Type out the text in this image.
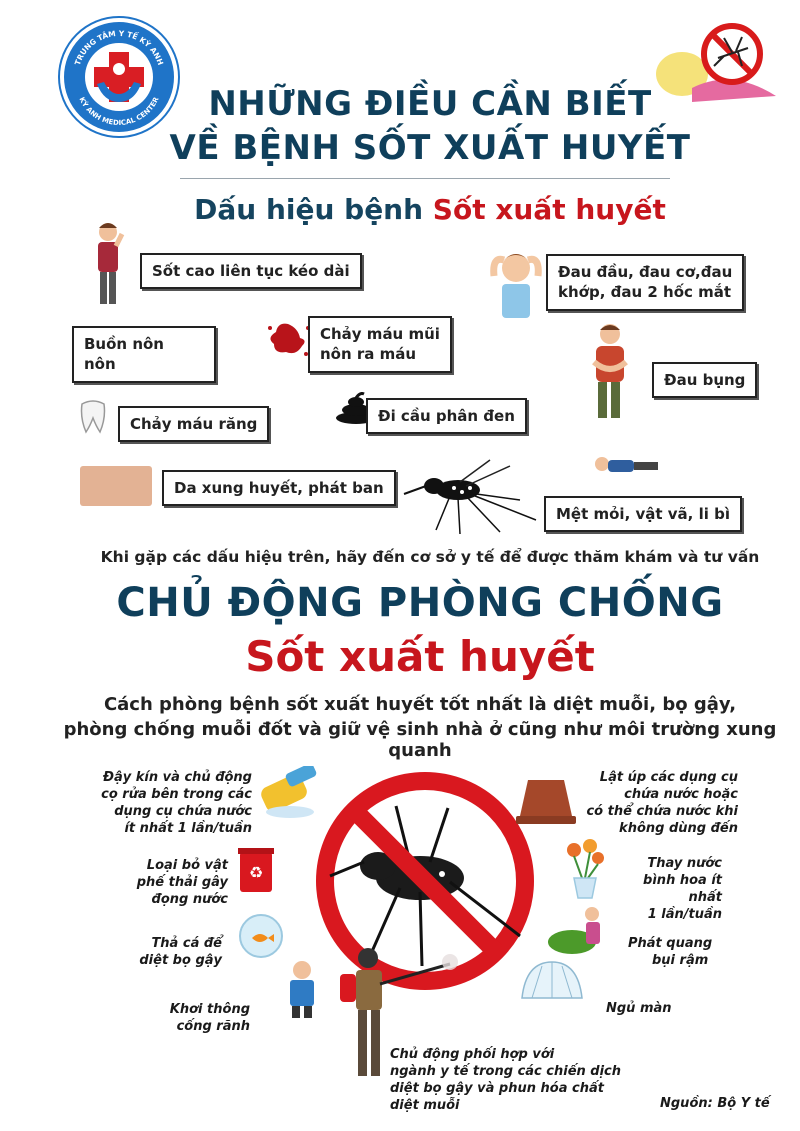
TRUNG TÂM Y TẾ KỲ ANH
KỲ ANH MEDICAL CENTER	NHỮNG ĐIỀU CẦN BIẾT
VỀ BỆNH SỐT XUẤT HUYẾT
Dấu hiệu bệnh Sốt xuất huyết
Sốt cao liên tục kéo dài	Đau đầu, đau cơ,đau
khớp, đau 2 hốc mắt
Buồn nôn
nôn
Chảy máu mũi
nôn ra máu
Đau bụng
Chảy máu răng	Đi cầu phân đen
Da xung huyết, phát ban
Mệt mỏi, vật vã, li bì
Khi gặp các dấu hiệu trên, hãy đến cơ sở y tế để được thăm khám và tư vấn
CHỦ ĐỘNG PHÒNG CHỐNG
Sốt xuất huyết
Cách phòng bệnh sốt xuất huyết tốt nhất là diệt muỗi, bọ gậy,
phòng chống muỗi đốt và giữ vệ sinh nhà ở cũng như môi trường xung quanh
♻
Đậy kín và chủ động
cọ rửa bên trong các
dụng cụ chứa nước
ít nhất 1 lần/tuần
Loại bỏ vật
phế thải gây
đọng nước
Thả cá để
diệt bọ gậy
Khơi thông
cống rãnh
Lật úp các dụng cụ
chứa nước hoặc
có thể chứa nước khi
không dùng đến
Thay nước
bình hoa ít nhất
1 lần/tuần
Phát quang
bụi rậm
Ngủ màn
Chủ động phối hợp với
ngành y tế trong các chiến dịch
diệt bọ gậy và phun hóa chất
diệt muỗi	Nguồn: Bộ Y tế
